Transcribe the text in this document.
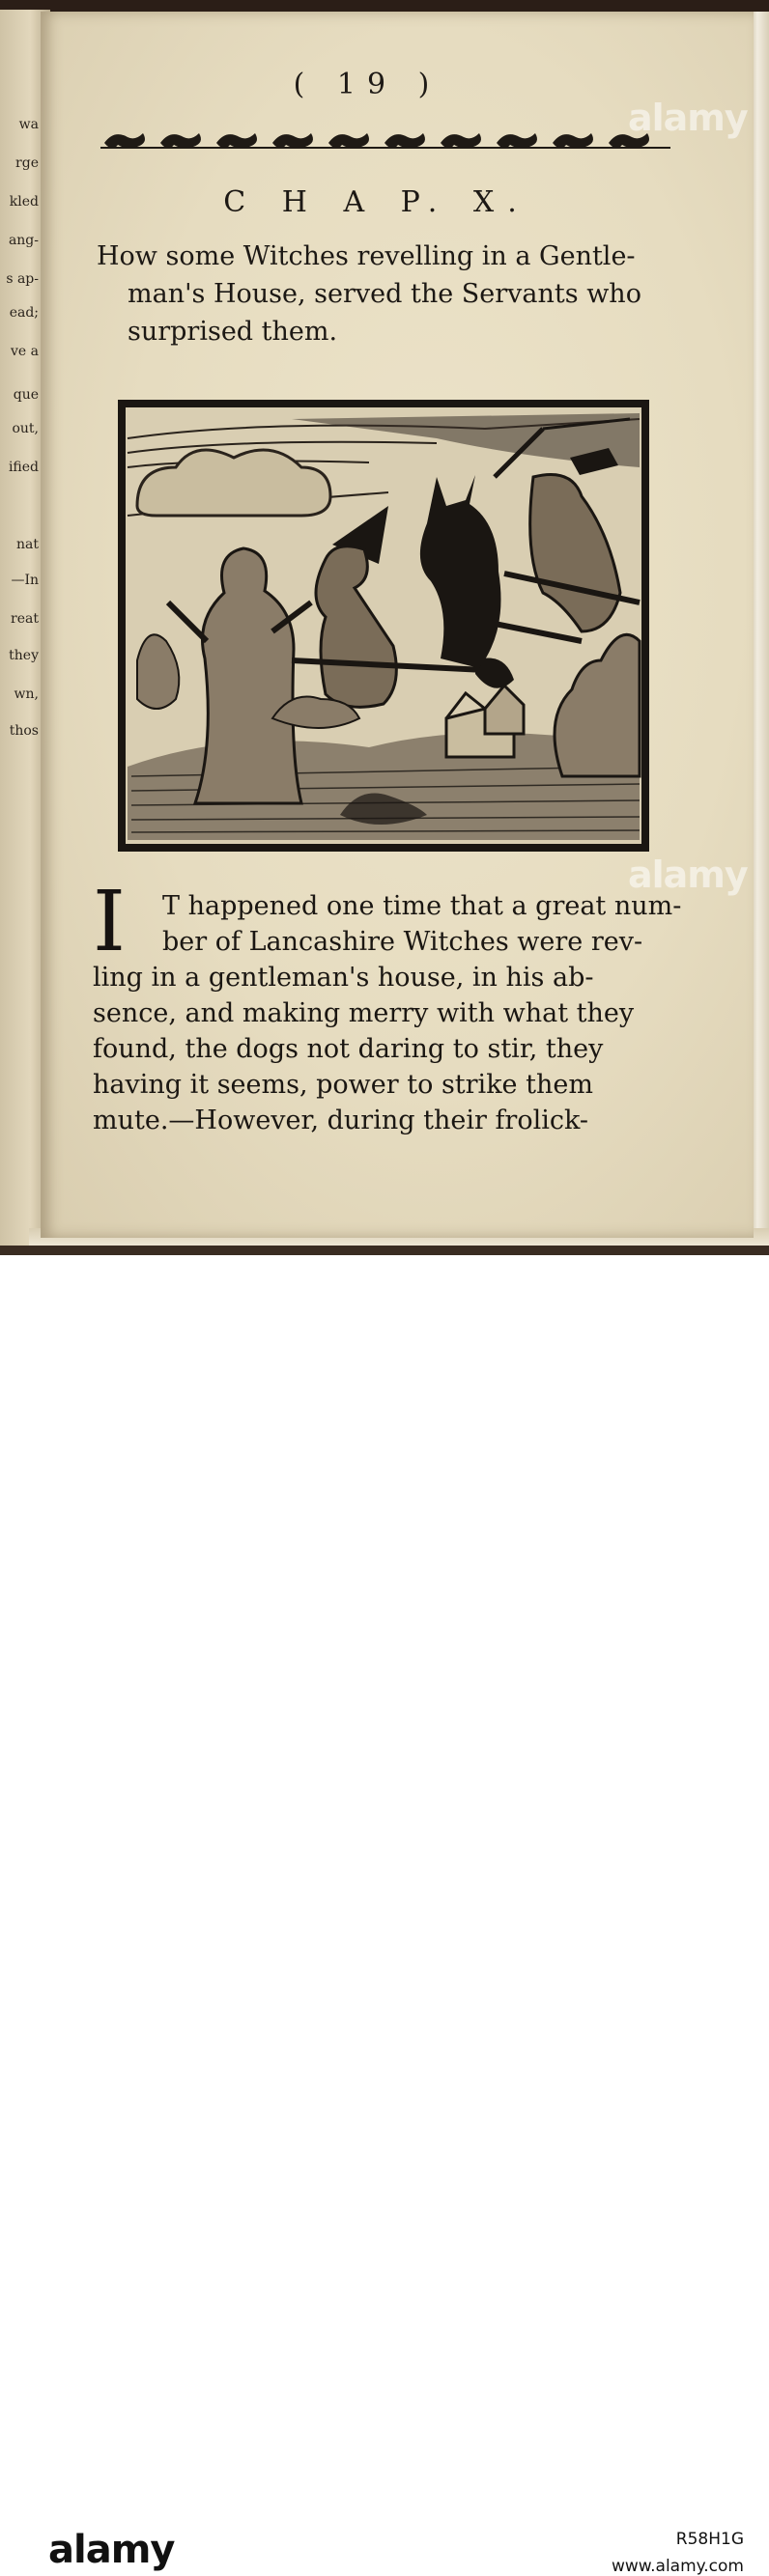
wa
rge
kled
ang-
s ap-
ead;
ve a
que
out,
ified
nat
—In
reat
they
wn,
thos
( 19 )
C H A P. X.
How some Witches revelling in a Gentle-
man's House, served the Servants who
surprised them.
I T happened one time that a great num-
ber of Lancashire Witches were rev-
ling in a gentleman's house, in his ab-
sence, and making merry with what they
found, the dogs not daring to stir, they
having it seems, power to strike them
mute.—However, during their frolick-
alamy
alamy
alamy	R58H1G
www.alamy.com
